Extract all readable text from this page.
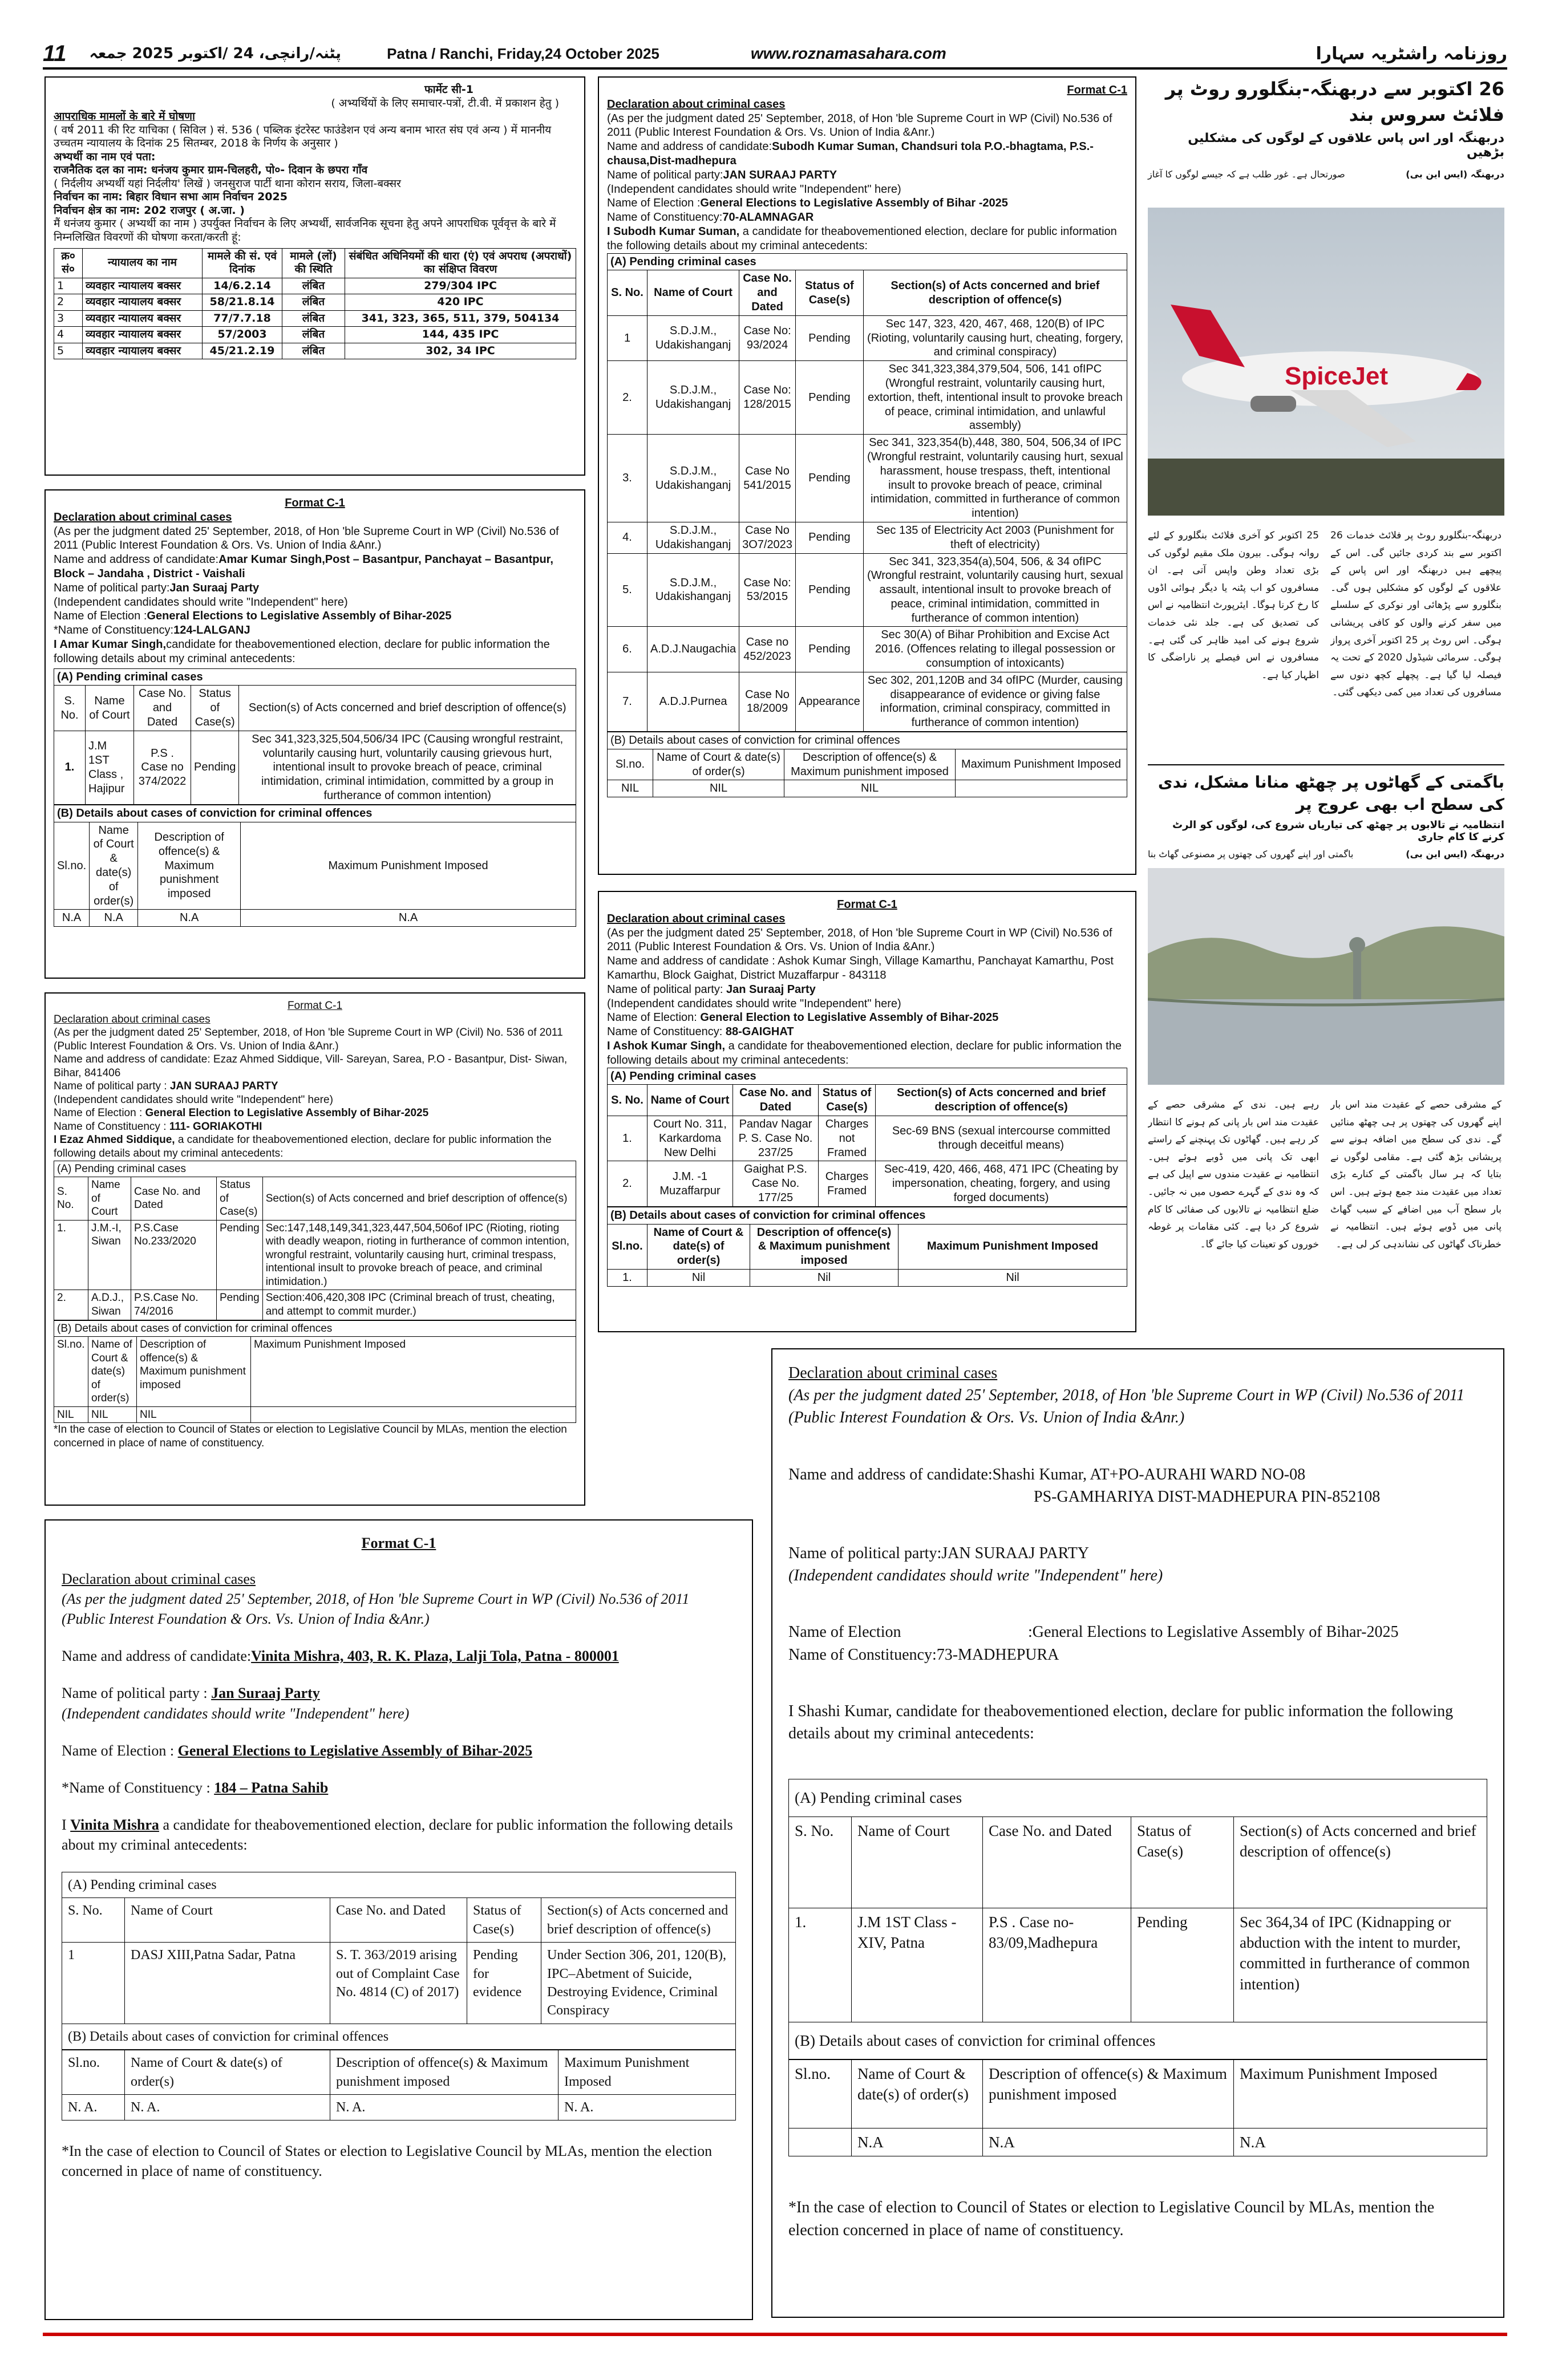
11 پٹنہ/رانچی، 24 /اکتوبر 2025 جمعہ	Patna / Ranchi, Friday,24 October 2025	www.roznamasahara.com	روزنامہ راشٹریہ سہارا

फार्मेट सी-1

( अभ्यर्थियों के लिए समाचार-पत्रों, टी.वी. में प्रकाशन हेतु )

आपराधिक मामलों के बारे में घोषणा

( वर्ष 2011 की रिट याचिका ( सिविल ) सं. 536 ( पब्लिक इंटरेस्ट फाउंडेशन एवं अन्य बनाम भारत संघ एवं अन्य ) में माननीय उच्चतम न्यायालय के दिनांक 25 सितम्बर, 2018 के निर्णय के अनुसार )

अभ्यर्थी का नाम एवं पता:

राजनैतिक दल का नाम: धनंजय कुमार ग्राम-चिलहरी, पो०- दिवान के छपरा गाँव

( निर्दलीय अभ्यर्थी यहां निर्दलीय' लिखें ) जनसुराज पार्टी थाना कोरान सराय, जिला-बक्सर

निर्वाचन का नाम: बिहार विधान सभा आम निर्वाचन 2025

निर्वाचन क्षेत्र का नाम: 202 राजपुर ( अ.जा. )

मैं धनंजय कुमार ( अभ्यर्थी का नाम ) उपर्युक्त निर्वाचन के लिए अभ्यर्थी, सार्वजनिक सूचना हेतु अपने आपराधिक पूर्ववृत्त के बारे में निम्नलिखित विवरणों की घोषणा करता/करती हूं:

क्र० सं०	न्यायालय का नाम	मामले की सं. एवं दिनांक	मामले (लों) की स्थिति	संबंधित अधिनियमों की धारा (एं) एवं अपराध (अपराधों) का संक्षिप्त विवरण
1	व्यवहार न्यायालय बक्सर	14/6.2.14	लंबित	279/304 IPC
2	व्यवहार न्यायालय बक्सर	58/21.8.14	लंबित	420 IPC
3	व्यवहार न्यायालय बक्सर	77/7.7.18	लंबित	341, 323, 365, 511, 379, 504134
4	व्यवहार न्यायालय बक्सर	57/2003	लंबित	144, 435 IPC
5	व्यवहार न्यायालय बक्सर	45/21.2.19	लंबित	302, 34 IPC

Format C-1

Declaration about criminal cases

(As per the judgment dated 25' September, 2018, of Hon 'ble Supreme Court in WP (Civil) No.536 of 2011 (Public Interest Foundation & Ors. Vs. Union of India &Anr.)

Name and address of candidate:Amar Kumar Singh,Post – Basantpur, Panchayat – Basantpur, Block – Jandaha , District - Vaishali

Name of political party:Jan Suraaj Party

(Independent candidates should write "Independent" here)

Name of Election :General Elections to Legislative Assembly of Bihar-2025

*Name of Constituency:124-LALGANJ

I Amar Kumar Singh,candidate for theabovementioned election, declare for public information the following details about my criminal antecedents:

(A) Pending criminal cases
S. No.	Name of Court	Case No. and Dated	Status of Case(s)	Section(s) of Acts concerned and brief description of offence(s)
1.	J.M 1ST Class , Hajipur	P.S . Case no 374/2022	Pending	Sec 341,323,325,504,506/34 IPC (Causing wrongful restraint, voluntarily causing hurt, voluntarily causing grievous hurt, intentional insult to provoke breach of peace, criminal intimidation, criminal intimidation, committed by a group in furtherance of common intention)
(B) Details about cases of conviction for criminal offences
Sl.no.	Name of Court & date(s) of order(s)	Description of offence(s) & Maximum punishment imposed	Maximum Punishment Imposed
N.A	N.A	N.A	N.A

Format C-1

Declaration about criminal cases

(As per the judgment dated 25' September, 2018, of Hon 'ble Supreme Court in WP (Civil) No. 536 of 2011 (Public Interest Foundation & Ors. Vs. Union of India &Anr.)

Name and address of candidate: Ezaz Ahmed Siddique, Vill- Sareyan, Sarea, P.O - Basantpur, Dist- Siwan, Bihar, 841406

Name of political party : JAN SURAAJ PARTY

(Independent candidates should write "Independent" here)

Name of Election : General Election to Legislative Assembly of Bihar-2025

Name of Constituency : 111- GORIAKOTHI

I Ezaz Ahmed Siddique, a candidate for theabovementioned election, declare for public information the following details about my criminal antecedents:

(A) Pending criminal cases
S. No.	Name of Court	Case No. and Dated	Status of Case(s)	Section(s) of Acts concerned and brief description of offence(s)
1.	J.M.-I, Siwan	P.S.Case No.233/2020	Pending	Sec:147,148,149,341,323,447,504,506of IPC (Rioting, rioting with deadly weapon, rioting in furtherance of common intention, wrongful restraint, voluntarily causing hurt, criminal trespass, intentional insult to provoke breach of peace, and criminal intimidation.)
2.	A.D.J., Siwan	P.S.Case No. 74/2016	Pending	Section:406,420,308 IPC (Criminal breach of trust, cheating, and attempt to commit murder.)
(B) Details about cases of conviction for criminal offences
Sl.no.	Name of Court & date(s) of order(s)	Description of offence(s) & Maximum punishment imposed	Maximum Punishment Imposed
NIL	NIL	NIL	

*In the case of election to Council of States or election to Legislative Council by MLAs, mention the election concerned in place of name of constituency.

Format C-1

Declaration about criminal cases

(As per the judgment dated 25' September, 2018, of Hon 'ble Supreme Court in WP (Civil) No.536 of 2011 (Public Interest Foundation & Ors. Vs. Union of India &Anr.)

Name and address of candidate:Subodh Kumar Suman, Chandsuri tola P.O.-bhagtama, P.S.-chausa,Dist-madhepura

Name of political party:JAN SURAAJ PARTY

(Independent candidates should write "Independent" here)

Name of Election :General Elections to Legislative Assembly of Bihar -2025

Name of Constituency:70-ALAMNAGAR

I Subodh Kumar Suman, a candidate for theabovementioned election, declare for public information the following details about my criminal antecedents:

(A) Pending criminal cases
S. No.	Name of Court	Case No. and Dated	Status of Case(s)	Section(s) of Acts concerned and brief description of offence(s)
1	S.D.J.M., Udakishanganj	Case No: 93/2024	Pending	Sec 147, 323, 420, 467, 468, 120(B) of IPC (Rioting, voluntarily causing hurt, cheating, forgery, and criminal conspiracy)
2.	S.D.J.M., Udakishanganj	Case No: 128/2015	Pending	Sec 341,323,384,379,504, 506, 141 ofIPC (Wrongful restraint, voluntarily causing hurt, extortion, theft, intentional insult to provoke breach of peace, criminal intimidation, and unlawful assembly)
3.	S.D.J.M., Udakishanganj	Case No 541/2015	Pending	Sec 341, 323,354(b),448, 380, 504, 506,34 of IPC (Wrongful restraint, voluntarily causing hurt, sexual harassment, house trespass, theft, intentional insult to provoke breach of peace, criminal intimidation, committed in furtherance of common intention)
4.	S.D.J.M., Udakishanganj	Case No 3O7/2023	Pending	Sec 135 of Electricity Act 2003 (Punishment for theft of electricity)
5.	S.D.J.M., Udakishanganj	Case No: 53/2015	Pending	Sec 341, 323,354(a),504, 506, & 34 ofIPC (Wrongful restraint, voluntarily causing hurt, sexual assault, intentional insult to provoke breach of peace, criminal intimidation, committed in furtherance of common intention)
6.	A.D.J.Naugachia	Case no 452/2023	Pending	Sec 30(A) of Bihar Prohibition and Excise Act 2016. (Offences relating to illegal possession or consumption of intoxicants)
7.	A.D.J.Purnea	Case No 18/2009	Appearance	Sec 302, 201,120B and 34 ofIPC (Murder, causing disappearance of evidence or giving false information, criminal conspiracy, committed in furtherance of common intention)
(B) Details about cases of conviction for criminal offences
Sl.no.	Name of Court & date(s) of order(s)	Description of offence(s) & Maximum punishment imposed	Maximum Punishment Imposed
NIL	NIL	NIL	

Format C-1

Declaration about criminal cases

(As per the judgment dated 25' September, 2018, of Hon 'ble Supreme Court in WP (Civil) No.536 of 2011 (Public Interest Foundation & Ors. Vs. Union of India &Anr.)

Name and address of candidate : Ashok Kumar Singh, Village Kamarthu, Panchayat Kamarthu, Post Kamarthu, Block Gaighat, District Muzaffarpur - 843118

Name of political party: Jan Suraaj Party

(Independent candidates should write "Independent" here)

Name of Election: General Election to Legislative Assembly of Bihar-2025

Name of Constituency: 88-GAIGHAT

I Ashok Kumar Singh, a candidate for theabovementioned election, declare for public information the following details about my criminal antecedents:

(A) Pending criminal cases
S. No.	Name of Court	Case No. and Dated	Status of Case(s)	Section(s) of Acts concerned and brief description of offence(s)
1.	Court No. 311, Karkardoma New Delhi	Pandav Nagar P. S. Case No. 237/25	Charges not Framed	Sec-69 BNS (sexual intercourse committed through deceitful means)
2.	J.M. -1 Muzaffarpur	Gaighat P.S. Case No. 177/25	Charges Framed	Sec-419, 420, 466, 468, 471 IPC (Cheating by impersonation, cheating, forgery, and using forged documents)
(B) Details about cases of conviction for criminal offences
Sl.no.	Name of Court & date(s) of order(s)	Description of offence(s) & Maximum punishment imposed	Maximum Punishment Imposed
1.	Nil	Nil	Nil
26 اکتوبر سے دربھنگہ-بنگلورو روٹ پر فلائٹ سروس بند
دربھنگہ اور اس پاس علاقوں کے لوگوں کی مشکلیں بڑھیں
صورتحال ہے۔ غور طلب ہے کہ جیسے لوگوں کا آغاز	دربھنگہ (ایس این بی)
SpiceJet
دربھنگہ-بنگلورو روٹ پر فلائٹ خدمات 26 اکتوبر سے بند کردی جائیں گی۔ اس کے پیچھے ہیں دربھنگہ اور اس پاس کے علاقوں کے لوگوں کو مشکلیں ہوں گی۔ بنگلورو سے پڑھائی اور نوکری کے سلسلے میں سفر کرنے والوں کو کافی پریشانی ہوگی۔ اس روٹ پر 25 اکتوبر آخری پرواز ہوگی۔ سرمائی شیڈول 2020 کے تحت یہ فیصلہ لیا گیا ہے۔ پچھلے کچھ دنوں سے مسافروں کی تعداد میں کمی دیکھی گئی۔
25 اکتوبر کو آخری فلائٹ بنگلورو کے لئے روانہ ہوگی۔ بیرون ملک مقیم لوگوں کی بڑی تعداد وطن واپس آتی ہے۔ ان مسافروں کو اب پٹنہ یا دیگر ہوائی اڈوں کا رخ کرنا ہوگا۔ ایئرپورٹ انتظامیہ نے اس کی تصدیق کی ہے۔ جلد نئی خدمات شروع ہونے کی امید ظاہر کی گئی ہے۔ مسافروں نے اس فیصلے پر ناراضگی کا اظہار کیا ہے۔
باگمتی کے گھاٹوں پر چھٹھ منانا مشکل، ندی کی سطح اب بھی عروج پر
انتظامیہ نے تالابوں پر چھٹھ کی تیاریاں شروع کی، لوگوں کو الرٹ کرنے کا کام جاری
باگمتی اور اپنے گھروں کی چھتوں پر مصنوعی گھاٹ بنا	دربھنگہ (ایس این بی)
کے مشرقی حصے کے عقیدت مند اس بار اپنے گھروں کی چھتوں پر ہی چھٹھ منائیں گے۔ ندی کی سطح میں اضافہ ہونے سے پریشانی بڑھ گئی ہے۔ مقامی لوگوں نے بتایا کہ ہر سال باگمتی کے کنارے بڑی تعداد میں عقیدت مند جمع ہوتے ہیں۔ اس بار سطح آب میں اضافے کے سبب گھاٹ پانی میں ڈوبے ہوئے ہیں۔ انتظامیہ نے خطرناک گھاٹوں کی نشاندہی کر لی ہے۔
رہے ہیں۔ ندی کے مشرقی حصے کے عقیدت مند اس بار پانی کم ہونے کا انتظار کر رہے ہیں۔ گھاٹوں تک پہنچنے کے راستے ابھی تک پانی میں ڈوبے ہوئے ہیں۔ انتظامیہ نے عقیدت مندوں سے اپیل کی ہے کہ وہ ندی کے گہرے حصوں میں نہ جائیں۔ ضلع انتظامیہ نے تالابوں کی صفائی کا کام شروع کر دیا ہے۔ کئی مقامات پر غوطہ خوروں کو تعینات کیا جائے گا۔

Format C-1

Declaration about criminal cases

(As per the judgment dated 25' September, 2018, of Hon 'ble Supreme Court in WP (Civil) No.536 of 2011 (Public Interest Foundation & Ors. Vs. Union of India &Anr.)

Name and address of candidate:Vinita Mishra, 403, R. K. Plaza, Lalji Tola, Patna - 800001

Name of political party : Jan Suraaj Party

(Independent candidates should write "Independent" here)

Name of Election : General Elections to Legislative Assembly of Bihar-2025

*Name of Constituency : 184 – Patna Sahib

I Vinita Mishra a candidate for theabovementioned election, declare for public information the following details about my criminal antecedents:

(A) Pending criminal cases				
S. No.	Name of Court	Case No. and Dated	Status of Case(s)	Section(s) of Acts concerned and brief description of offence(s)
1	DASJ XIII,Patna Sadar, Patna	S. T. 363/2019 arising out of Complaint Case No. 4814 (C) of 2017)	Pending for evidence	Under Section 306, 201, 120(B), IPC–Abetment of Suicide, Destroying Evidence, Criminal Conspiracy
(B) Details about cases of conviction for criminal offences				
Sl.no.	Name of Court & date(s) of order(s)	Description of offence(s) & Maximum punishment imposed	Maximum Punishment Imposed
N. A.	N. A.	N. A.	N. A.

*In the case of election to Council of States or election to Legislative Council by MLAs, mention the election concerned in place of name of constituency.

Declaration about criminal cases

(As per the judgment dated 25' September, 2018, of Hon 'ble Supreme Court in WP (Civil) No.536 of 2011 (Public Interest Foundation & Ors. Vs. Union of India &Anr.)

Name and address of candidate:Shashi Kumar, AT+PO-AURAHI WARD NO-08

PS-GAMHARIYA DIST-MADHEPURA PIN-852108

Name of political party:JAN SURAAJ PARTY

(Independent candidates should write "Independent" here)

Name of Election	:General Elections to Legislative Assembly of Bihar-2025

Name of Constituency:73-MADHEPURA

I Shashi Kumar, candidate for theabovementioned election, declare for public information the following details about my criminal antecedents:

(A) Pending criminal cases				
S. No.	Name of Court	Case No. and Dated	Status of Case(s)	Section(s) of Acts concerned and brief description of offence(s)
1.	J.M 1ST Class - XIV, Patna	P.S . Case no- 83/09,Madhepura	Pending	Sec 364,34 of IPC (Kidnapping or abduction with the intent to murder, committed in furtherance of common intention)
(B) Details about cases of conviction for criminal offences				
Sl.no.	Name of Court & date(s) of order(s)	Description of offence(s) & Maximum punishment imposed	Maximum Punishment Imposed
	N.A	N.A	N.A

*In the case of election to Council of States or election to Legislative Council by MLAs, mention the election concerned in place of name of constituency.
